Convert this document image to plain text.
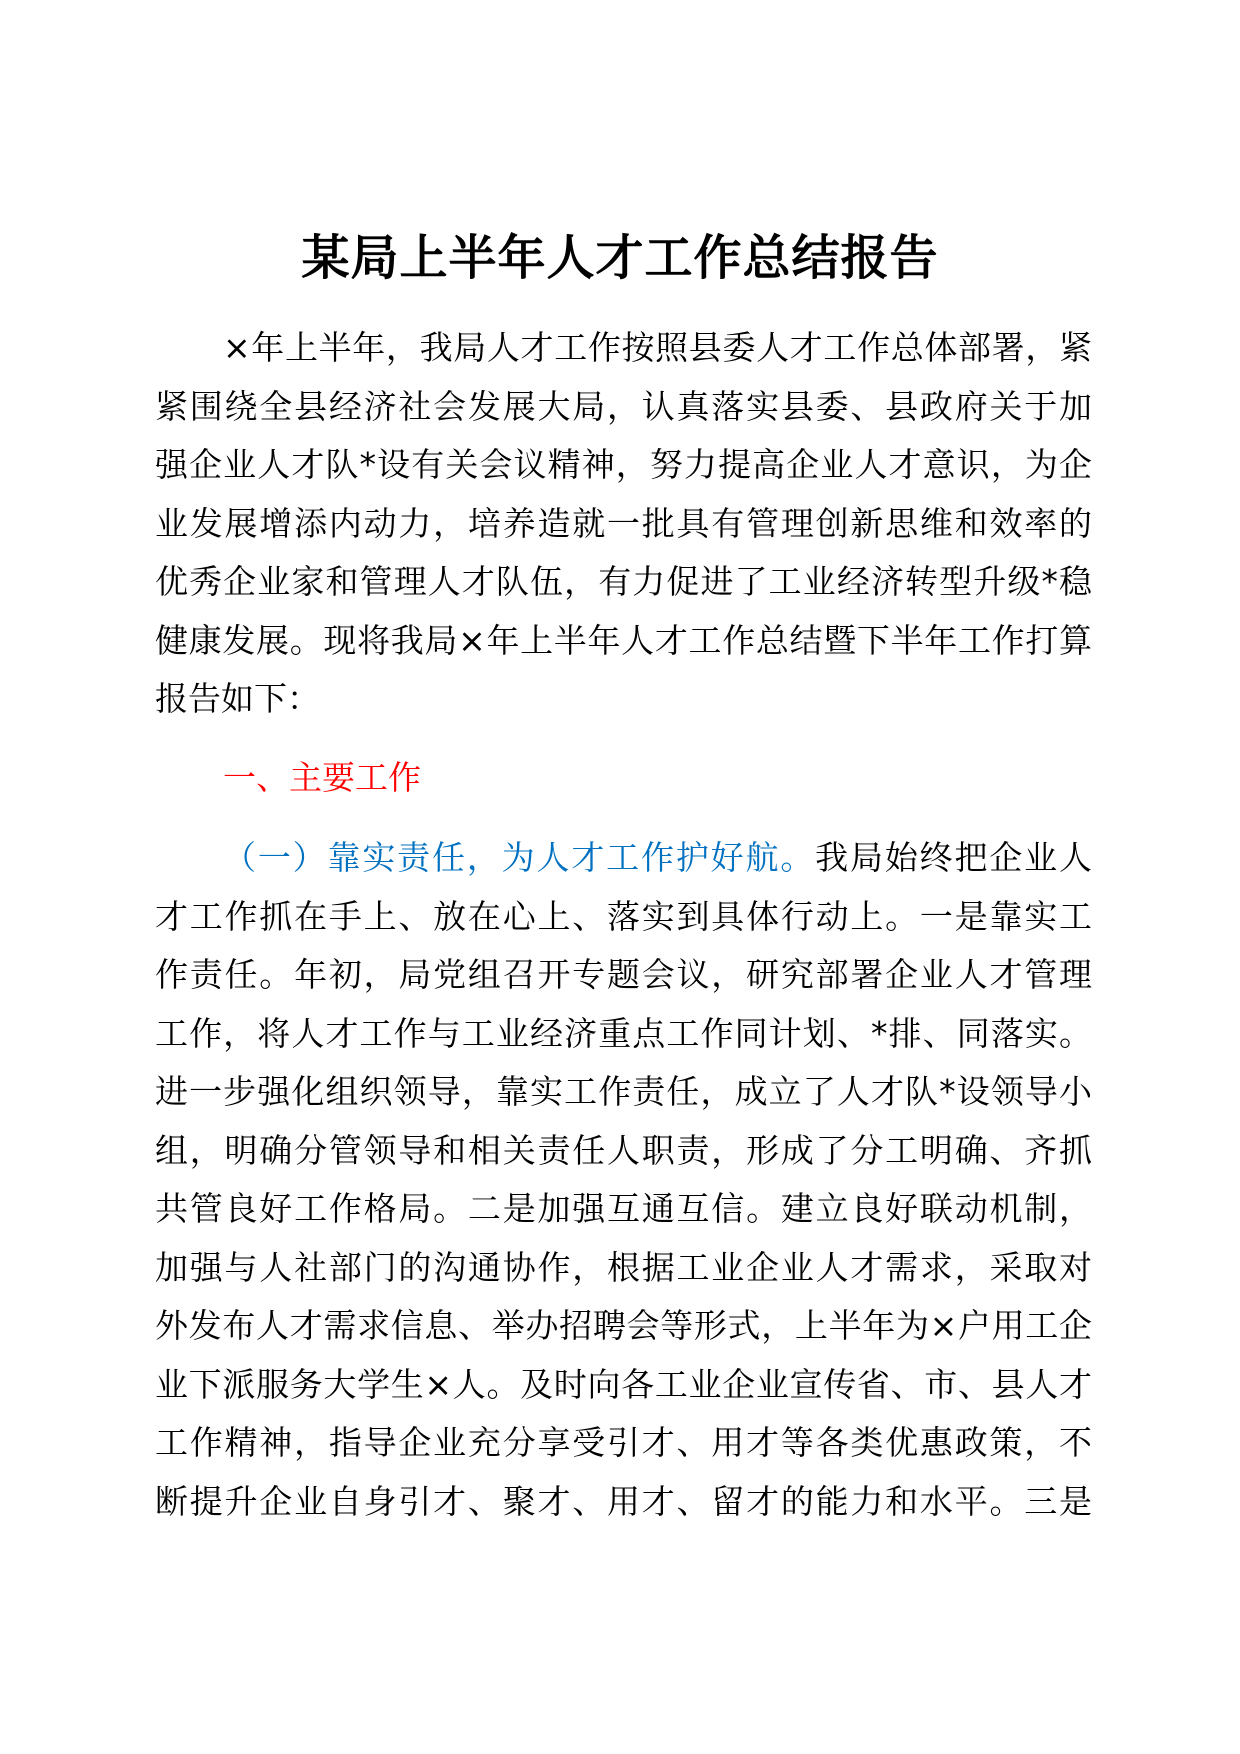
某局上半年人才工作总结报告
×年上半年，我局人才工作按照县委人才工作总体部署，紧
紧围绕全县经济社会发展大局，认真落实县委、县政府关于加
强企业人才队*设有关会议精神，努力提高企业人才意识，为企
业发展增添内动力，培养造就一批具有管理创新思维和效率的
优秀企业家和管理人才队伍，有力促进了工业经济转型升级*稳
健康发展。现将我局×年上半年人才工作总结暨下半年工作打算
报告如下：
一、主要工作
（一）靠实责任，为人才工作护好航。我局始终把企业人
才工作抓在手上、放在心上、落实到具体行动上。一是靠实工
作责任。年初，局党组召开专题会议，研究部署企业人才管理
工作，将人才工作与工业经济重点工作同计划、*排、同落实。
进一步强化组织领导，靠实工作责任，成立了人才队*设领导小
组，明确分管领导和相关责任人职责，形成了分工明确、齐抓
共管良好工作格局。二是加强互通互信。建立良好联动机制，
加强与人社部门的沟通协作，根据工业企业人才需求，采取对
外发布人才需求信息、举办招聘会等形式，上半年为×户用工企
业下派服务大学生×人。及时向各工业企业宣传省、市、县人才
工作精神，指导企业充分享受引才、用才等各类优惠政策，不
断提升企业自身引才、聚才、用才、留才的能力和水平。三是
